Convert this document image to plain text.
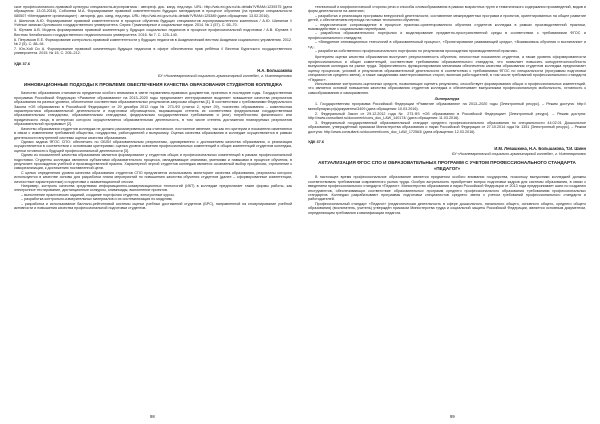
ское профессионально-правовой культуры специалиста-агропромтика : автореф. дис. канд. пед.наук. URL: http://vak.ed.gov.ru/dc-details?VRAM=1239375 (дата обращения: 13.03.2016). Соболева М.А. Формирование правовой компетентности будущих менеджеров в процессе обучения (на примере специальности 080507 «Менеджмент организации») : автореф. дис. канд. пед.наук. URL: http://vak.ed.gov.ru/dc-details?VRAM=125389 (дата обращения: 13.02.2016).

4. Шипилов А.Ю. Формирование правовой компетентности в процессе обучения будущих специалистов агропромышленного комплекса / А.Ю. Шипилов // Учёные записки Орловского государственного университета. Серия: Гуманитарные и социальные науки. 2014. № 1 (57). С. 65–70.

5. Юртаев А.В. Модель формирования правовой компетенции у будущих социальных педагогов в процессе профессиональной подготовки / А.В. Юртаев // Вестник Челябинского государственного педагогического университета. 2016. № 7. С. 125–140.

6. Петрачков Е.Е. Формирование контрольно-правовой компетентности у будущих педагогов в Академический вестник Академии социального управления. 2012. № 2 (5). С. 88–94.

7. Юн-Хой Си А. Формирование правовой компетенции будущих педагогов в сфере обеспечения прав ребёнка // Вестник Бурятского государственного университета. 2015. № 15. С. 205–212.

УДК 37.6

Н.А. Большакова

БУ «Нижневартовский социально-гуманитарный колледж», г. Нижневартовск

ИННОВАЦИОННЫЕ ПОДХОДЫ К ПРОБЛЕМЕ ОБЕСПЕЧЕНИЯ КАЧЕСТВА ОБРАЗОВАНИЯ СТУДЕНТОВ КОЛЛЕДЖА

Качество образования становится предметом особого внимания в свете нормативно-правовых документов, принятых в последние годы. Государственная программа Российской Федерации «Развитие образования» на 2013–2020 годы предполагает интегрирование выделяет повышение качества результатов образования на разных уровнях, обеспечение соответствия образовательных результатов запросам общества [1]. В соответствии с требованиями Федерального Закона «Об образовании в Российской Федерации» от 29 декабря 2012 года № 273-ФЗ (статья 2, пункт 29), «качество образования – комплексная характеристика образовательной деятельности и подготовки обучающегося, выражающая степень их соответствия федеральным государственным образовательным стандартам, образовательным стандартам, федеральным государственным требованиям и (или) потребностям физического или юридического лица, в интересах которого осуществляется образовательная деятельность, в том числе степень достижения планируемых результатов образовательной программы» [2].

Качество образования студентов колледжа не должно рассматриваться как статическое, постоянное явление, так как его критерии и показатели изменяются в связи с изменением требований общества, государства, работодателей к выпускнику. Оценка качества образования в колледже осуществляется в рамках деятельности внутренней системы оценки качества образования.

Однако задача ФГОС СПО: обеспечить по ОБЛИ образовательным результатам, одновременно с достижением качества образования, и реализация осуществляется в соответствии с основными критериями: оценка уровня освоения профессиональных компетенций и общих компетенций студентов колледжа, оценки готовности к будущей профессиональной деятельности [3].

Одним из показателей качества образования является формирование у студентов общих и профессиональных компетенций в рамках профессиональной подготовки. Студенты колледжа являются субъектами образовательного процесса, овладевающие знаниями, умениями и навыками в процессе обучения, в результате прохождения учебной и производственной практик. Характерной чертой студентов колледжа является осознанный выбор профессии, стремление к самореализации, к достижению поставленной цели.

С целью определения уровня качества образования студентов СПО предлагается использовать мониторинг качества образования, результаты которого используются в качестве основы для разработки плана мероприятий по повышению качества обучения студентов (далее – сформированные компетенции, личностные характеристики) и подготовки к экзаменационной сессии.

Например, контроль качества средствами информационно-коммуникационных технологий (ИКТ) в колледже предполагает такие формы работы, как электронное тестирование, дистанционные конкурсы, олимпиады, выполнение проектов.

– выполнение практических заданий, создание портфолио студента, электронные курсы;

– разработка контрольно-измерительных материалов и их систематизация по модулям;

– разработка и использование балльно-рейтинговой системы оценки учебных достижений студентов (БРС), направленной на стимулирование учебной активности и повышения качества профессиональной подготовки студентов.

98

технической и морфологической стороны речи и способы словообразования в рамках возрастных групп и тематического содержания произведений, видов и форм деятельности на занятиях;

– разработка и реализация программы внеурочной деятельности, составление межпредметных программ и проектов, ориентированных на общее развитие детей, с обеспечением перехода на новые технологии обучения;

– педагогическое сопровождение в процессе практико-ориентированного обучения студентов колледжа в рамках производственной практики, взаимодействие с социальными партнёрами;

– разработка образовательного портфолио и моделирование предметно-пространственной среды в соответствии с требованиями ФГОС и профессионального стандарта;

– «Внедрение инновационных технологий в образовательный процесс», «Проектирование развивающей среды», «Взаимосвязь обучения и воспитания» и т.д.;

– разработка собственного профессионального портфолио по результатам прохождения производственной практики.

Критерием оценки качества образования выступает результативность обучения, личностные показатели студентов, а также уровень сформированности профессиональных и общих компетенций, соответствие требованиям образовательного стандарта, что позволяет повысить конкурентоспособность выпускников колледжа на рынке труда. Эффективность функционирования механизма обеспечения качества образования студентов колледжа предполагает оценку процессов, условий и результатов образовательной деятельности в соответствии с требованиями ФГОС по специальности (программы подготовки специалистов среднего звена), а также ожиданиями заинтересованных сторон, включая работодателей, в том числе требований профессионального стандарта «Педагог».

Использование контрольно-оценочных средств, позволяющих оценить результаты, способствует формированию общих и профессиональных компетенций, что является основой повышения качества образования студентов колледжа и обеспечивает выпускникам профессиональную мобильность, готовность к самообразованию и саморазвитию.

Литература

1. Государственная программа Российской Федерации «Развитие образования» на 2013–2020 годы [Электронный ресурс]. – Режим доступа: http://минобрнауки.рф/документы/3409 (дата обращения: 10.03.2016).

2. Федеральный Закон от 29.12.2012 года № 273-ФЗ «Об образовании в Российской Федерации» [Электронный ресурс]. – Режим доступа: http://www.consultant.ru/document/cons_doc_LAW_140174/ (дата обращения: 11.03.2016).

3. Федеральный государственный образовательный стандарт среднего профессионального образования по специальности 44.02.01 Дошкольное образование, утверждённый приказом Министерства образования и науки Российской Федерации от 27.10.2014 года № 1351 [Электронный ресурс]. – Режим доступа: http://www.consultant.ru/document/cons_doc_LAW_172563/ (дата обращения: 12.03.2016).

УДК 37.6

И.М. Левашкина, Н.А. Большакова, Т.И. Шинн

БУ «Нижневартовский социально-гуманитарный колледж», г. Нижневартовск

АКТУАЛИЗАЦИЯ ФГОС СПО И ОБРАЗОВАТЕЛЬНЫХ ПРОГРАММ С УЧЕТОМ ПРОФЕССИОНАЛЬНОГО СТАНДАРТА «ПЕДАГОГ»

В настоящее время профессиональное образование является предметом особого внимания государства, поскольку выпускники колледжей должны соответствовать требованиям современного рынка труда. Особую актуальность приобретает вопрос подготовки кадров для системы образования, в связи с введением профессионального стандарта «Педагог». Министерство образования и науки Российской Федерации от 2013 года предпринимает шаги по созданию инструментов, обеспечивающих соответствие образовательных программ среднего профессионального образования требованиям профессиональных стандартов. Колледжи разрабатывают программы подготовки специалистов среднего звена с учетом требований профессионального стандарта и работодателей.

Профессиональный стандарт «Педагог» (педагогическая деятельность в сфере дошкольного, начального общего, основного общего, среднего общего образования) (воспитатель, учитель) утверждён приказом Министерства труда и социальной защиты Российской Федерации, является основным документом, определяющим требования к квалификации педагога.

99
